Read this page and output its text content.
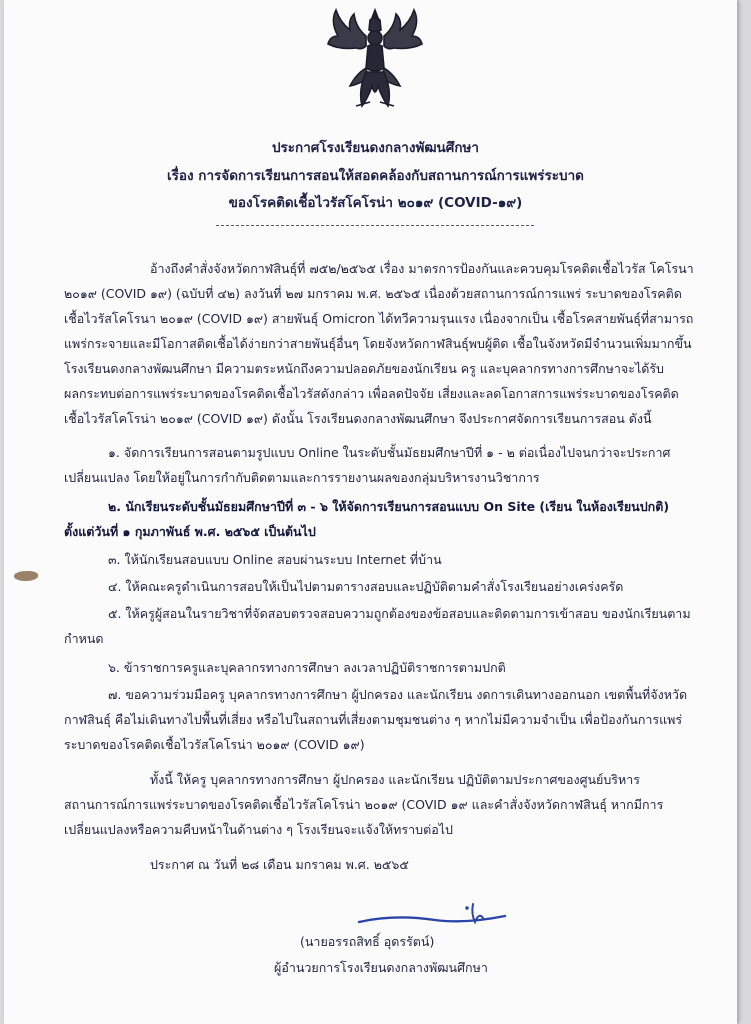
ประกาศโรงเรียนดงกลางพัฒนศึกษา
เรื่อง การจัดการเรียนการสอนให้สอดคล้องกับสถานการณ์การแพร่ระบาด
ของโรคติดเชื้อไวรัสโคโรน่า ๒๐๑๙ (COVID-๑๙)
อ้างถึงคำสั่งจังหวัดกาฬสินธุ์ที่ ๗๕๒/๒๕๖๕ เรื่อง มาตรการป้องกันและควบคุมโรคติดเชื้อไวรัส โคโรนา
๒๐๑๙ (COVID ๑๙) (ฉบับที่ ๔๒) ลงวันที่ ๒๗ มกราคม พ.ศ. ๒๕๖๕ เนื่องด้วยสถานการณ์การแพร่ ระบาดของโรคติด
เชื้อไวรัสโคโรนา ๒๐๑๙ (COVID ๑๙) สายพันธุ์ Omicron ได้ทวีความรุนแรง เนื่องจากเป็น เชื้อโรคสายพันธุ์ที่สามารถ
แพร่กระจายและมีโอกาสติดเชื้อได้ง่ายกว่าสายพันธุ์อื่นๆ โดยจังหวัดกาฬสินธุ์พบผู้ติด เชื้อในจังหวัดมีจำนวนเพิ่มมากขึ้น
โรงเรียนดงกลางพัฒนศึกษา มีความตระหนักถึงความปลอดภัยของนักเรียน ครู และบุคลากรทางการศึกษาจะได้รับ
ผลกระทบต่อการแพร่ระบาดของโรคติดเชื้อไวรัสดังกล่าว เพื่อลดปัจจัย เสี่ยงและลดโอกาสการแพร่ระบาดของโรคติด
เชื้อไวรัสโคโรน่า ๒๐๑๙ (COVID ๑๙) ดังนั้น โรงเรียนดงกลางพัฒนศึกษา จึงประกาศจัดการเรียนการสอน ดังนี้
๑. จัดการเรียนการสอนตามรูปแบบ Online ในระดับชั้นมัธยมศึกษาปีที่ ๑ - ๒ ต่อเนื่องไปจนกว่าจะประกาศ
เปลี่ยนแปลง โดยให้อยู่ในการกำกับติดตามและการรายงานผลของกลุ่มบริหารงานวิชาการ
๒. นักเรียนระดับชั้นมัธยมศึกษาปีที่ ๓ - ๖ ให้จัดการเรียนการสอนแบบ On Site (เรียน ในห้องเรียนปกติ)
ตั้งแต่วันที่ ๑ กุมภาพันธ์ พ.ศ. ๒๕๖๕ เป็นต้นไป
๓. ให้นักเรียนสอบแบบ Online สอบผ่านระบบ Internet ที่บ้าน
๔. ให้คณะครูดำเนินการสอบให้เป็นไปตามตารางสอบและปฏิบัติตามคำสั่งโรงเรียนอย่างเคร่งครัด
๕. ให้ครูผู้สอนในรายวิชาที่จัดสอบตรวจสอบความถูกต้องของข้อสอบและติดตามการเข้าสอบ ของนักเรียนตาม
กำหนด
๖. ข้าราชการครูและบุคลากรทางการศึกษา ลงเวลาปฏิบัติราชการตามปกติ
๗. ขอความร่วมมือครู บุคลากรทางการศึกษา ผู้ปกครอง และนักเรียน งดการเดินทางออกนอก เขตพื้นที่จังหวัด
กาฬสินธุ์ คือไม่เดินทางไปพื้นที่เสี่ยง หรือไปในสถานที่เสี่ยงตามชุมชนต่าง ๆ หากไม่มีความจำเป็น เพื่อป้องกันการแพร่
ระบาดของโรคติดเชื้อไวรัสโคโรน่า ๒๐๑๙ (COVID ๑๙)
ทั้งนี้ ให้ครู บุคลากรทางการศึกษา ผู้ปกครอง และนักเรียน ปฏิบัติตามประกาศของศูนย์บริหาร
สถานการณ์การแพร่ระบาดของโรคติดเชื้อไวรัสโคโรน่า ๒๐๑๙ (COVID ๑๙ และคำสั่งจังหวัดกาฬสินธุ์ หากมีการ
เปลี่ยนแปลงหรือความคืบหน้าในด้านต่าง ๆ โรงเรียนจะแจ้งให้ทราบต่อไป
ประกาศ ณ วันที่ ๒๘ เดือน มกราคม พ.ศ. ๒๕๖๕
(นายอรรถสิทธิ์ อุดรรัตน์)
ผู้อำนวยการโรงเรียนดงกลางพัฒนศึกษา
